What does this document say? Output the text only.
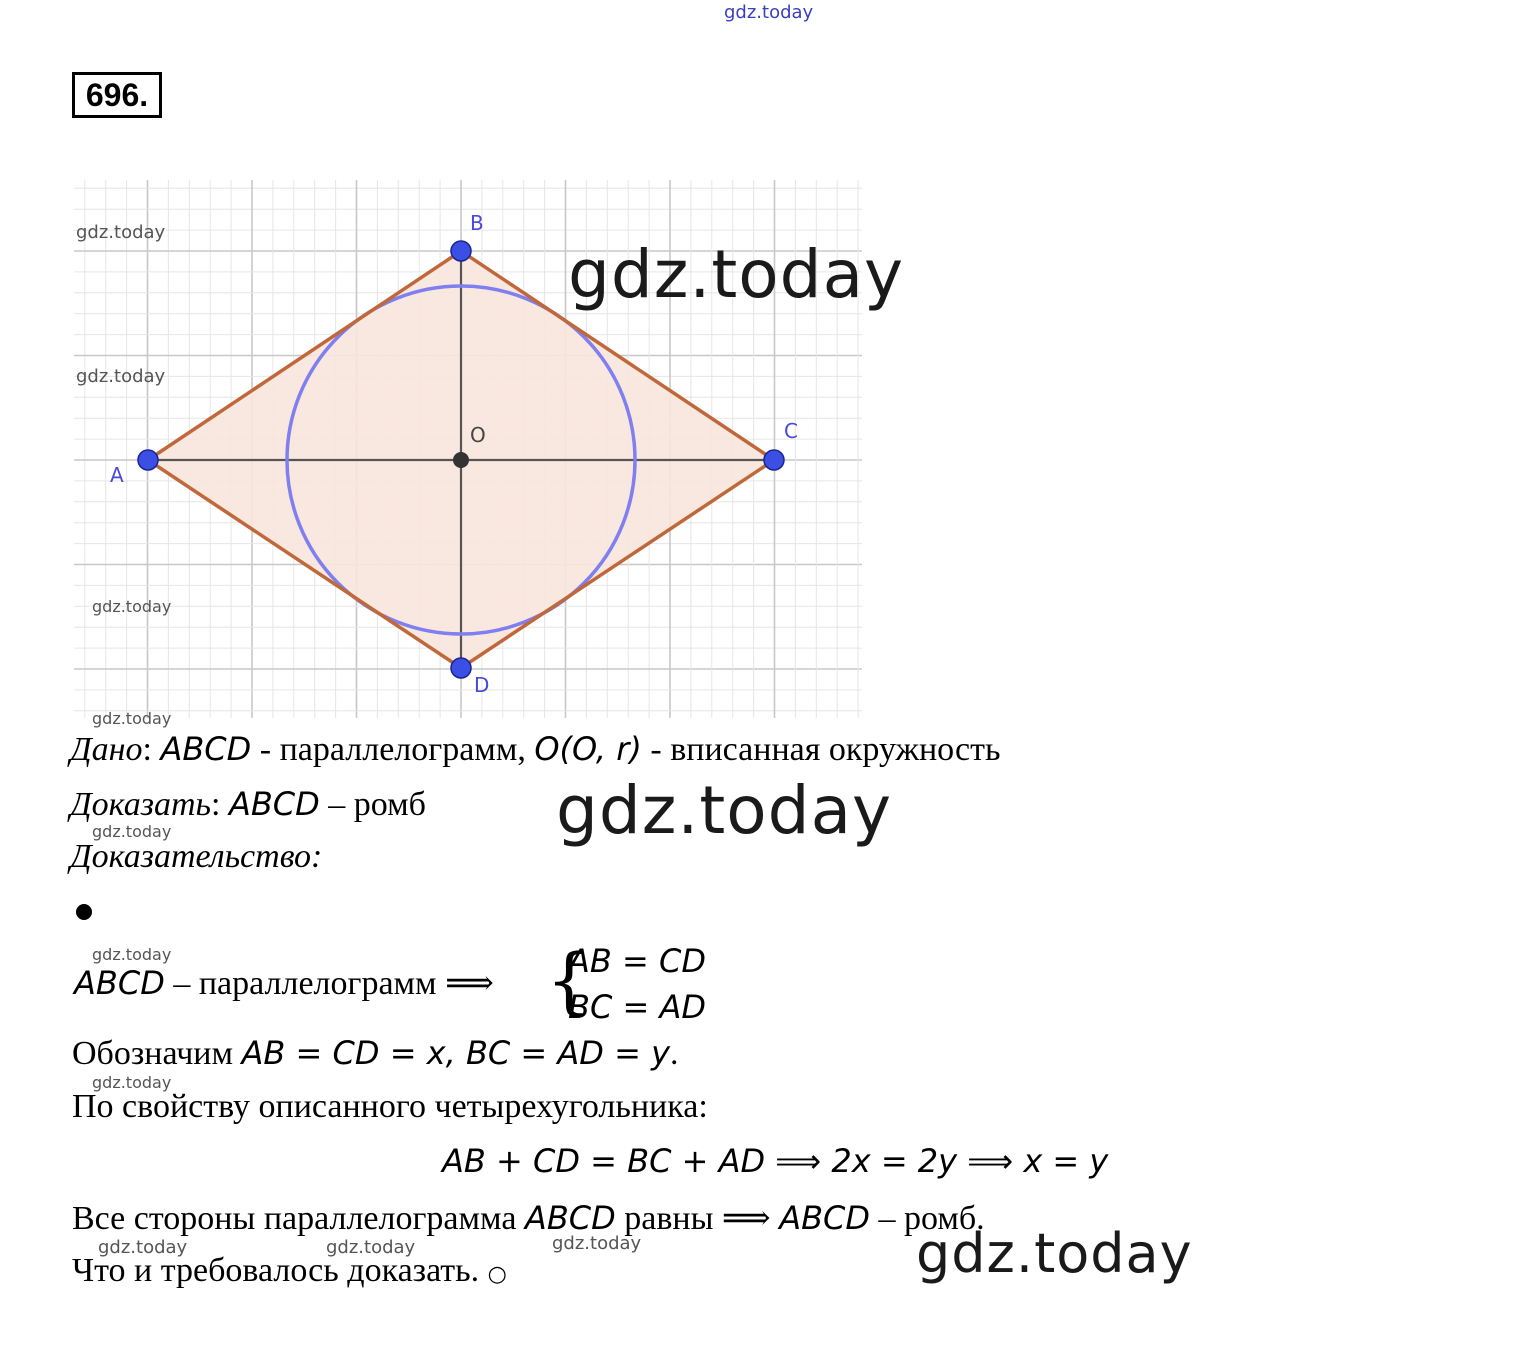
gdz.today
696.
A
B
C
D
O
gdz.today
gdz.today
gdz.today
gdz.today
gdz.today
Дано: ABCD - параллелограмм, O(O, r) - вписанная окружность
Доказать: ABCD – ромб
gdz.today	gdz.today
Доказательство:
gdz.today
ABCD – параллелограмм ⟹ {
AB = CD
BC = AD
Обозначим AB = CD = x, BC = AD = y.
gdz.today
По свойству описанного четырехугольника:
AB + CD = BC + AD ⟹ 2x = 2y ⟹ x = y
Все стороны параллелограмма ABCD равны ⟹ ABCD – ромб.
gdz.today	gdz.today	gdz.today	gdz.today
Что и требовалось доказать. ○
